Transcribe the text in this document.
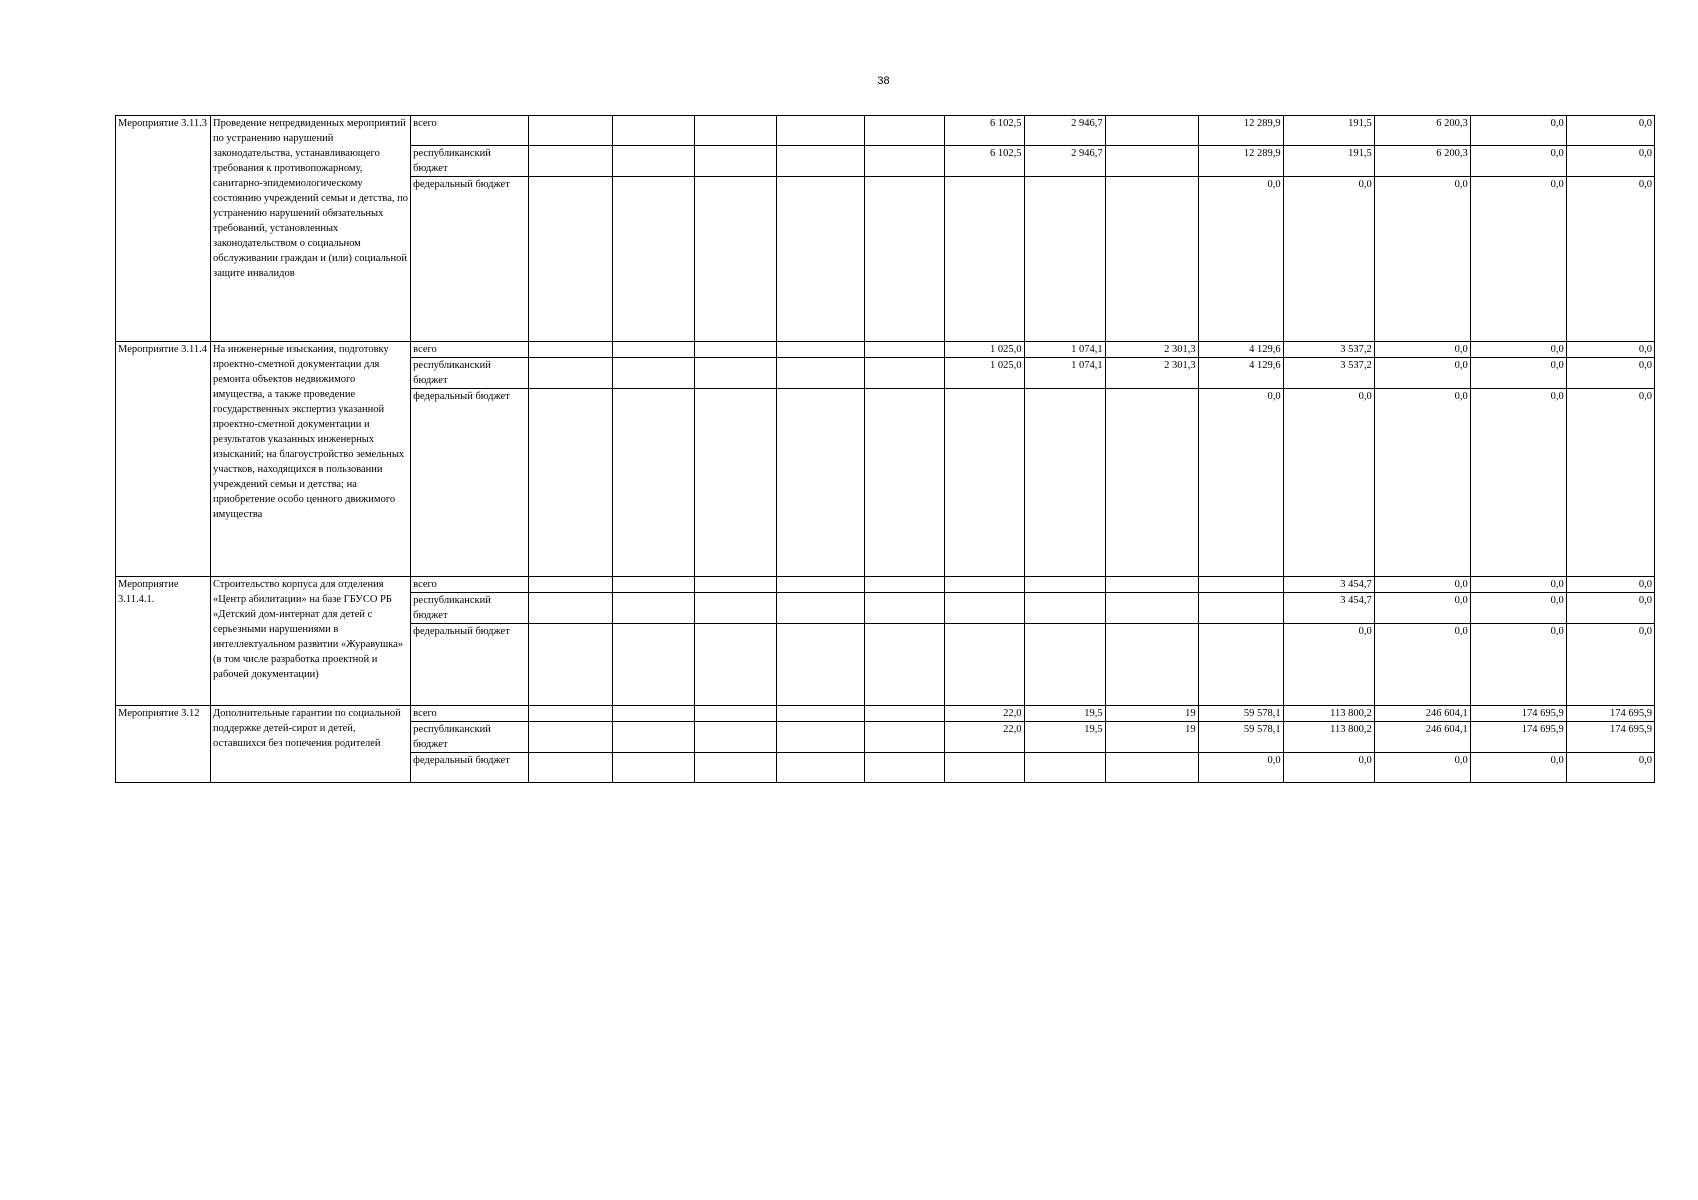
38
Мероприятие 3.11.3	Проведение непредвиденных мероприятий по устранению нарушений законодательства, устанавливающего требования к противопожарному, санитарно-эпидемиологическому состоянию учреждений семьи и детства, по устранению нарушений обязательных требований, установленных законодательством о социальном обслуживании граждан и (или) социальной защите инвалидов	всего						6 102,5	2 946,7		12 289,9	191,5	6 200,3	0,0	0,0
		республиканский бюджет						6 102,5	2 946,7		12 289,9	191,5	6 200,3	0,0	0,0
		федеральный бюджет									0,0	0,0	0,0	0,0	0,0
Мероприятие 3.11.4	На инженерные изыскания, подготовку проектно-сметной документации для ремонта объектов недвижимого имущества, а также проведение государственных экспертиз указанной проектно-сметной документации и результатов указанных инженерных изысканий; на благоустройство земельных участков, находящихся в пользовании учреждений семьи и детства; на приобретение особо ценного движимого имущества	всего						1 025,0	1 074,1	2 301,3	4 129,6	3 537,2	0,0	0,0	0,0
		республиканский бюджет						1 025,0	1 074,1	2 301,3	4 129,6	3 537,2	0,0	0,0	0,0
		федеральный бюджет									0,0	0,0	0,0	0,0	0,0
Мероприятие 3.11.4.1.	Строительство корпуса для отделения «Центр абилитации» на базе ГБУСО РБ «Детский дом-интернат для детей с серьезными нарушениями в интеллектуальном развитии «Журавушка» (в том числе разработка проектной и рабочей документации)	всего										3 454,7	0,0	0,0	0,0
		республиканский бюджет										3 454,7	0,0	0,0	0,0
		федеральный бюджет										0,0	0,0	0,0	0,0
Мероприятие 3.12	Дополнительные гарантии по социальной поддержке детей-сирот и детей, оставшихся без попечения родителей	всего						22,0	19,5	19	59 578,1	113 800,2	246 604,1	174 695,9	174 695,9
		республиканский бюджет						22,0	19,5	19	59 578,1	113 800,2	246 604,1	174 695,9	174 695,9
		федеральный бюджет									0,0	0,0	0,0	0,0	0,0
